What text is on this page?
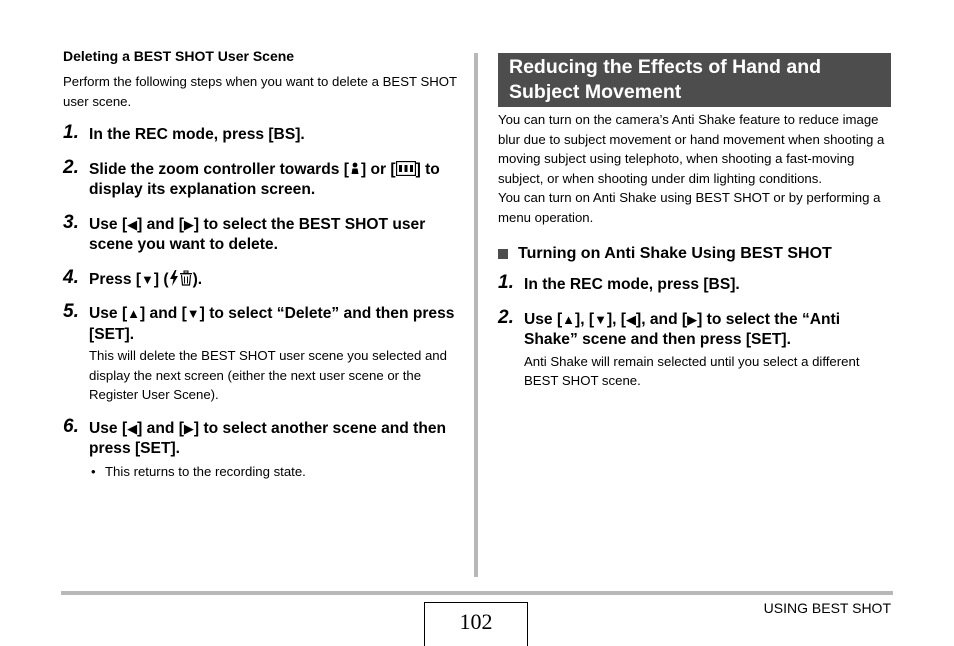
Deleting a BEST SHOT User Scene

Perform the following steps when you want to delete a BEST SHOT user scene.

1. In the REC mode, press [BS].
2. Slide the zoom controller towards [ ] or [ ] to display its explanation screen.
3. Use [◀] and [▶] to select the BEST SHOT user scene you want to delete.
4. Press [▼] ( ).
5. Use [▲] and [▼] to select “Delete” and then press [SET].
This will delete the BEST SHOT user scene you selected and display the next screen (either the next user scene or the Register User Scene).
6. Use [◀] and [▶] to select another scene and then press [SET].
• This returns to the recording state.
Reducing the Effects of Hand and Subject Movement

You can turn on the camera’s Anti Shake feature to reduce image blur due to subject movement or hand movement when shooting a moving subject using telephoto, when shooting a fast-moving subject, or when shooting under dim lighting conditions.

You can turn on Anti Shake using BEST SHOT or by performing a menu operation.

Turning on Anti Shake Using BEST SHOT
1. In the REC mode, press [BS].
2. Use [▲], [▼], [◀], and [▶] to select the “Anti Shake” scene and then press [SET].
Anti Shake will remain selected until you select a different BEST SHOT scene.
102
USING BEST SHOT
